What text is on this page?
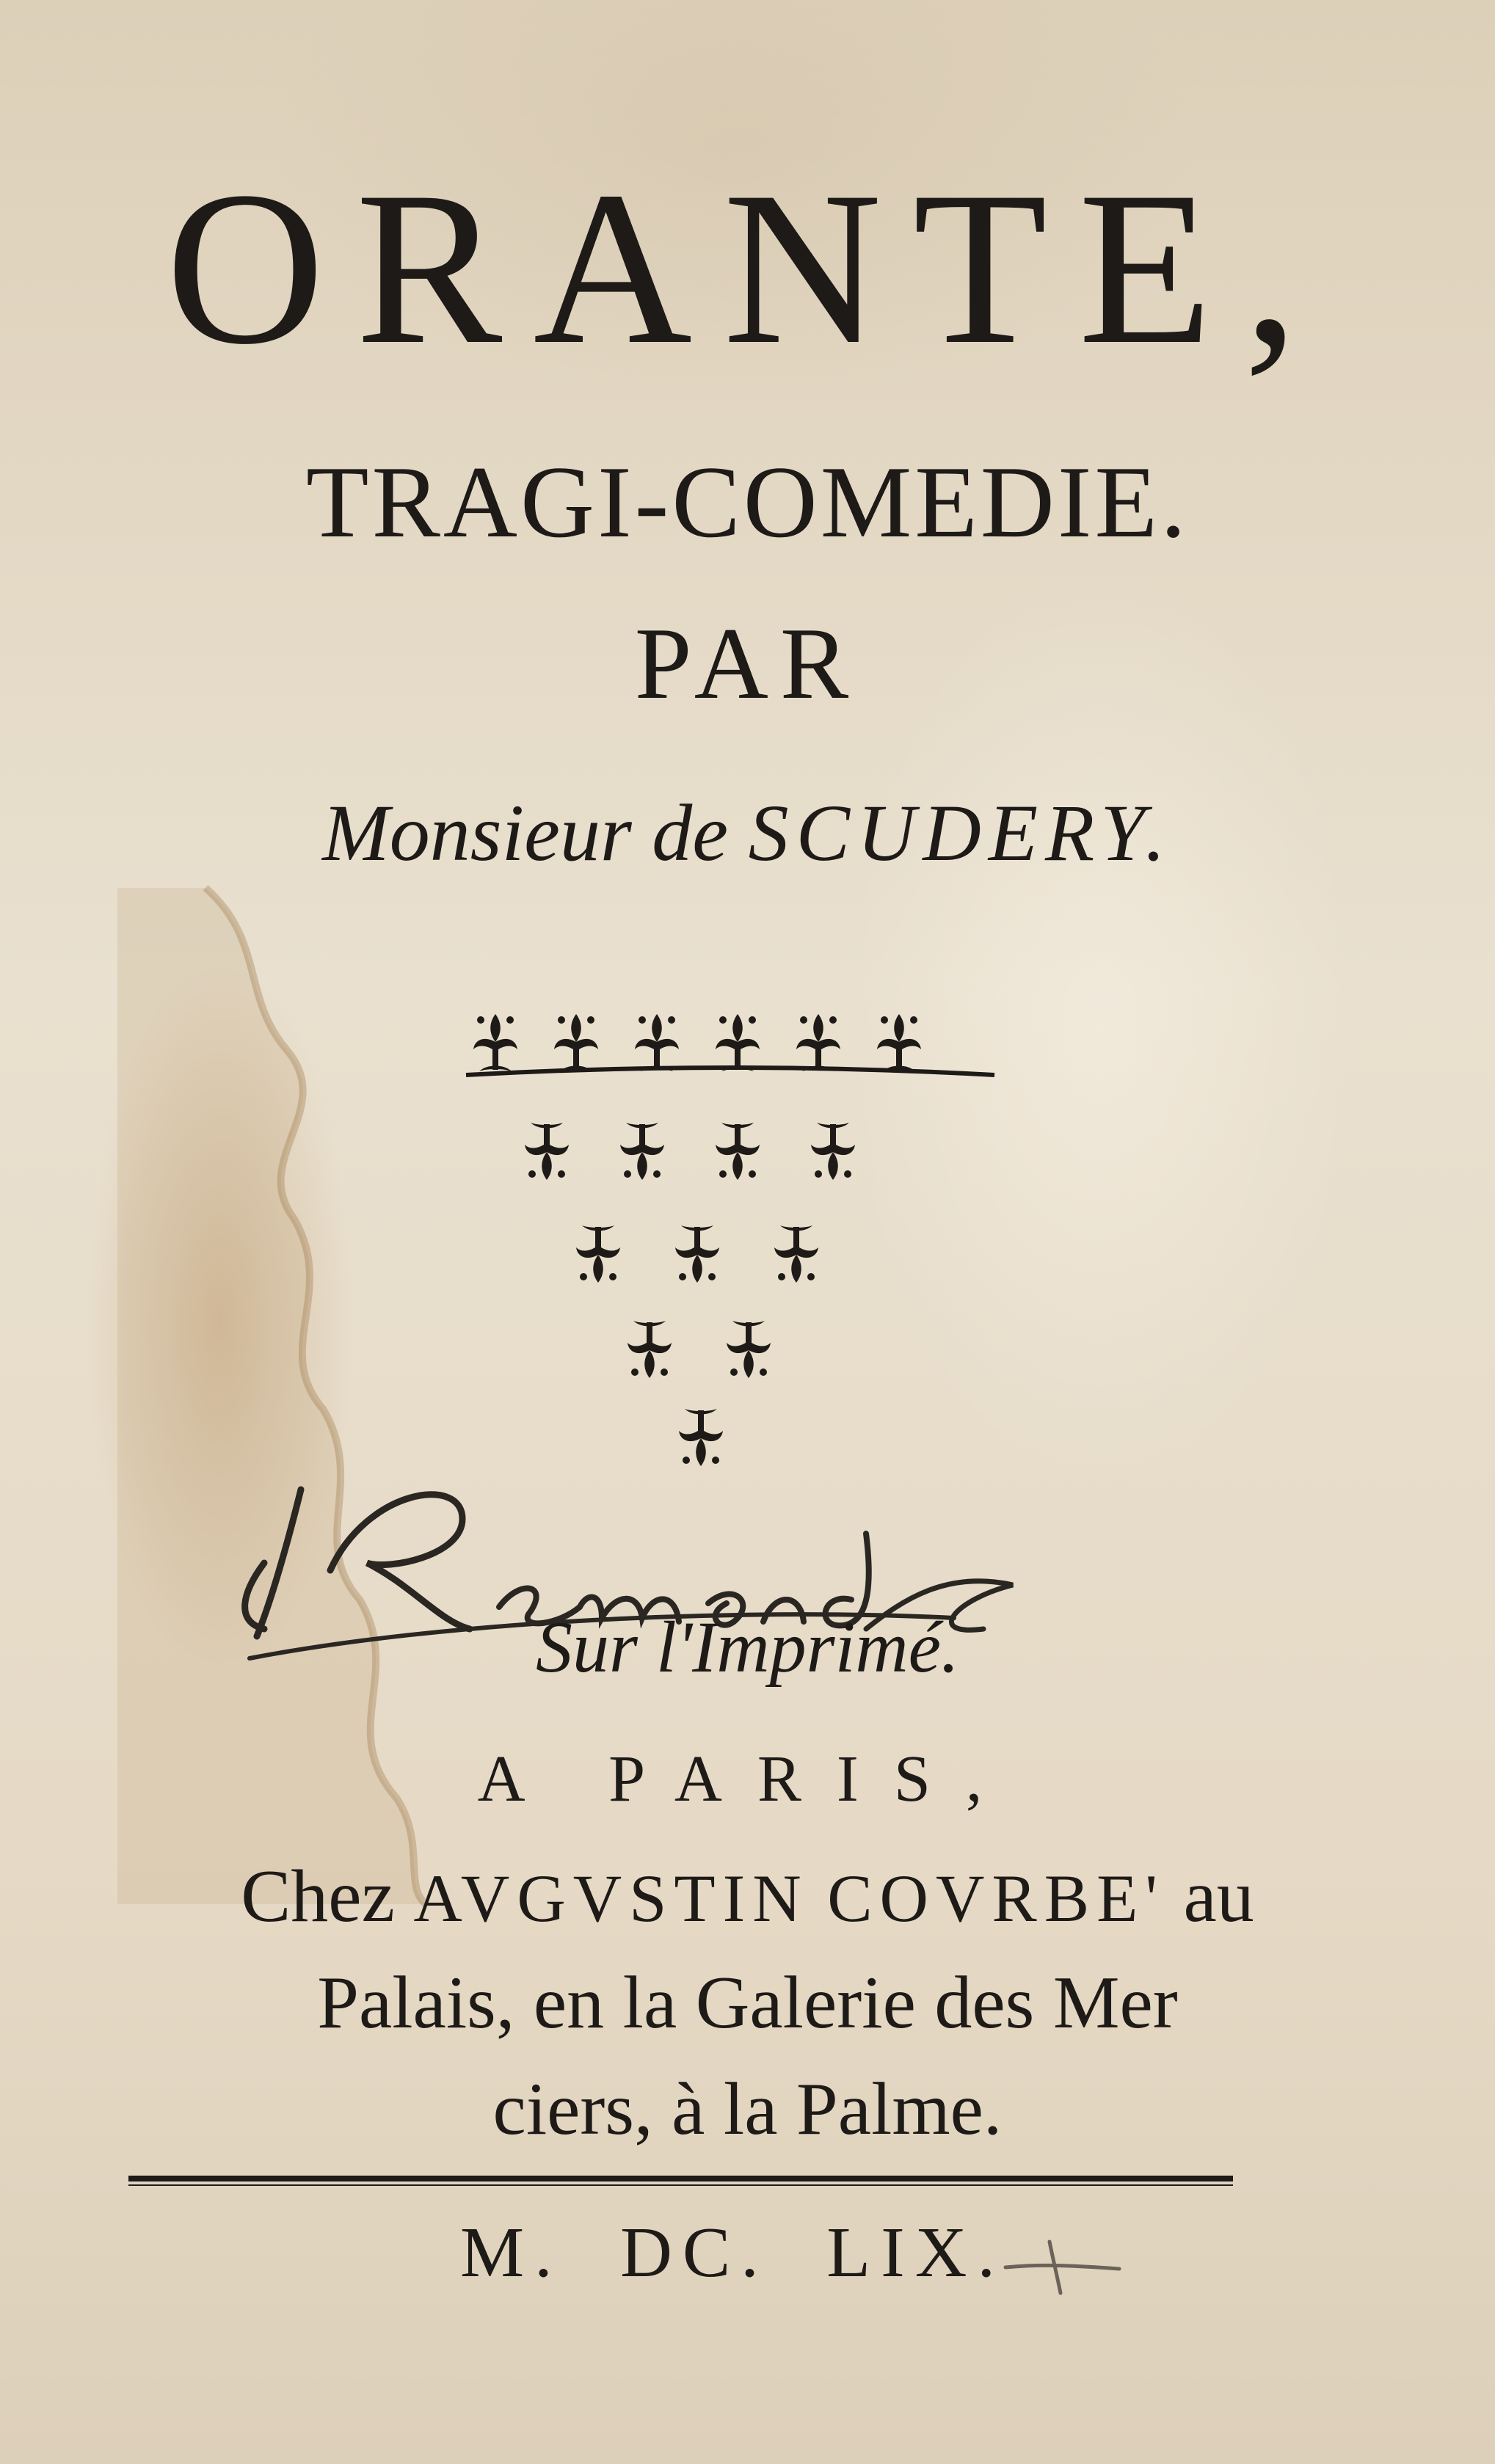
ORANTE,
TRAGI-COMEDIE.
PAR
Monsieur de SCUDERY.
Sur l'Imprimé.
A PARIS,
Chez AVGVSTIN COVRBE' au
Palais, en la Galerie des Mer
ciers, à la Palme.
M. DC. LIX.
